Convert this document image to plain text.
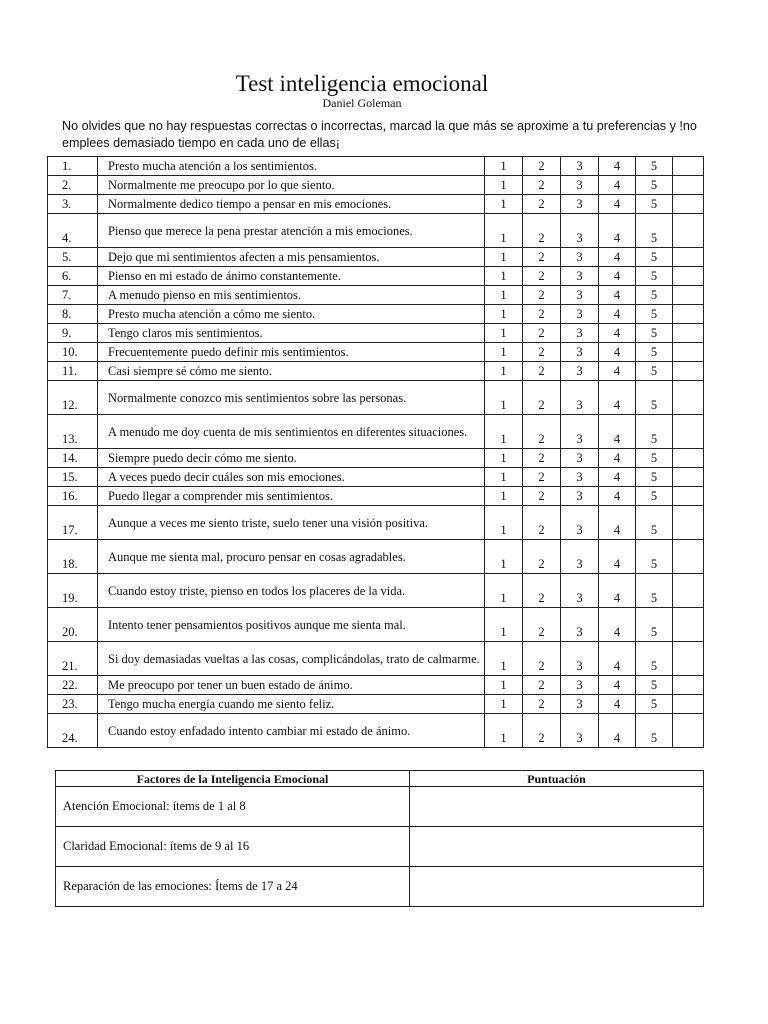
Test inteligencia emocional
Daniel Goleman

No olvides que no hay respuestas correctas o incorrectas, marcad la que más se aproxime a tu preferencias y !no emplees demasiado tiempo en cada uno de ellas¡

1.	Presto mucha atención a los sentimientos.	1	2	3	4	5	
2.	Normalmente me preocupo por lo que siento.	1	2	3	4	5	
3.	Normalmente dedico tiempo a pensar en mis emociones.	1	2	3	4	5	
4.	Pienso que merece la pena prestar atención a mis emociones.	1	2	3	4	5	
5.	Dejo que mi sentimientos afecten a mis pensamientos.	1	2	3	4	5	
6.	Pienso en mi estado de ánimo constantemente.	1	2	3	4	5	
7.	A menudo pienso en mis sentimientos.	1	2	3	4	5	
8.	Presto mucha atención a cómo me siento.	1	2	3	4	5	
9.	Tengo claros mis sentimientos.	1	2	3	4	5	
10.	Frecuentemente puedo definir mis sentimientos.	1	2	3	4	5	
11.	Casi siempre sé cómo me siento.	1	2	3	4	5	
12.	Normalmente conozco mis sentimientos sobre las personas.	1	2	3	4	5	
13.	A menudo me doy cuenta de mis sentimientos en diferentes situaciones.	1	2	3	4	5	
14.	Siempre puedo decir cómo me siento.	1	2	3	4	5	
15.	A veces puedo decir cuáles son mis emociones.	1	2	3	4	5	
16.	Puedo llegar a comprender mis sentimientos.	1	2	3	4	5	
17.	Aunque a veces me siento triste, suelo tener una visión positiva.	1	2	3	4	5	
18.	Aunque me sienta mal, procuro pensar en cosas agradables.	1	2	3	4	5	
19.	Cuando estoy triste, pienso en todos los placeres de la vida.	1	2	3	4	5	
20.	Intento tener pensamientos positivos aunque me sienta mal.	1	2	3	4	5	
21.	Si doy demasiadas vueltas a las cosas, complicándolas, trato de calmarme.	1	2	3	4	5	
22.	Me preocupo por tener un buen estado de ánimo.	1	2	3	4	5	
23.	Tengo mucha energía cuando me siento feliz.	1	2	3	4	5	
24.	Cuando estoy enfadado intento cambiar mi estado de ánimo.	1	2	3	4	5	
Factores de la Inteligencia Emocional	Puntuación
Atención Emocional: ítems de 1 al 8	
Claridad Emocional: ítems de 9 al 16	
Reparación de las emociones: Ítems de 17 a 24	
